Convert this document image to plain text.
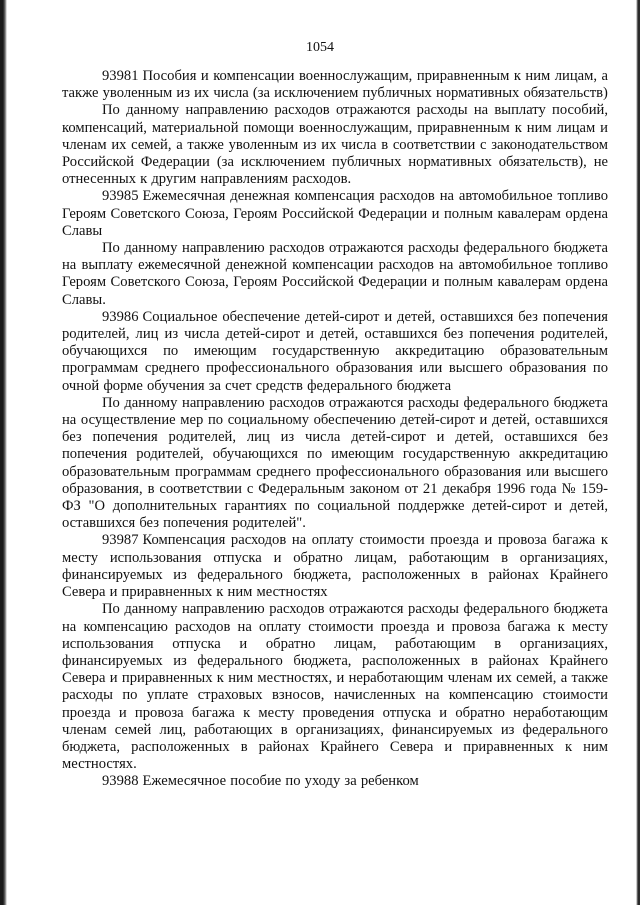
1054

93981 Пособия и компенсации военнослужащим, приравненным к ним лицам, а также уволенным из их числа (за исключением публичных нормативных обязательств)

По данному направлению расходов отражаются расходы на выплату пособий, компенсаций, материальной помощи военнослужащим, приравненным к ним лицам и членам их семей, а также уволенным из их числа в соответствии с законодательством Российской Федерации (за исключением публичных нормативных обязательств), не отнесенных к другим направлениям расходов.

93985 Ежемесячная денежная компенсация расходов на автомобильное топливо Героям Советского Союза, Героям Российской Федерации и полным кавалерам ордена Славы

По данному направлению расходов отражаются расходы федерального бюджета на выплату ежемесячной денежной компенсации расходов на автомобильное топливо Героям Советского Союза, Героям Российской Федерации и полным кавалерам ордена Славы.

93986 Социальное обеспечение детей-сирот и детей, оставшихся без попечения родителей, лиц из числа детей-сирот и детей, оставшихся без попечения родителей, обучающихся по имеющим государственную аккредитацию образовательным программам среднего профессионального образования или высшего образования по очной форме обучения за счет средств федерального бюджета

По данному направлению расходов отражаются расходы федерального бюджета на осуществление мер по социальному обеспечению детей-сирот и детей, оставшихся без попечения родителей, лиц из числа детей-сирот и детей, оставшихся без попечения родителей, обучающихся по имеющим государственную аккредитацию образовательным программам среднего профессионального образования или высшего образования, в соответствии с Федеральным законом от 21 декабря 1996 года № 159-ФЗ "О дополнительных гарантиях по социальной поддержке детей-сирот и детей, оставшихся без попечения родителей".

93987 Компенсация расходов на оплату стоимости проезда и провоза багажа к месту использования отпуска и обратно лицам, работающим в организациях, финансируемых из федерального бюджета, расположенных в районах Крайнего Севера и приравненных к ним местностях

По данному направлению расходов отражаются расходы федерального бюджета на компенсацию расходов на оплату стоимости проезда и провоза багажа к месту использования отпуска и обратно лицам, работающим в организациях, финансируемых из федерального бюджета, расположенных в районах Крайнего Севера и приравненных к ним местностях, и неработающим членам их семей, а также расходы по уплате страховых взносов, начисленных на компенсацию стоимости проезда и провоза багажа к месту проведения отпуска и обратно неработающим членам семей лиц, работающих в организациях, финансируемых из федерального бюджета, расположенных в районах Крайнего Севера и приравненных к ним местностях.

93988 Ежемесячное пособие по уходу за ребенком
